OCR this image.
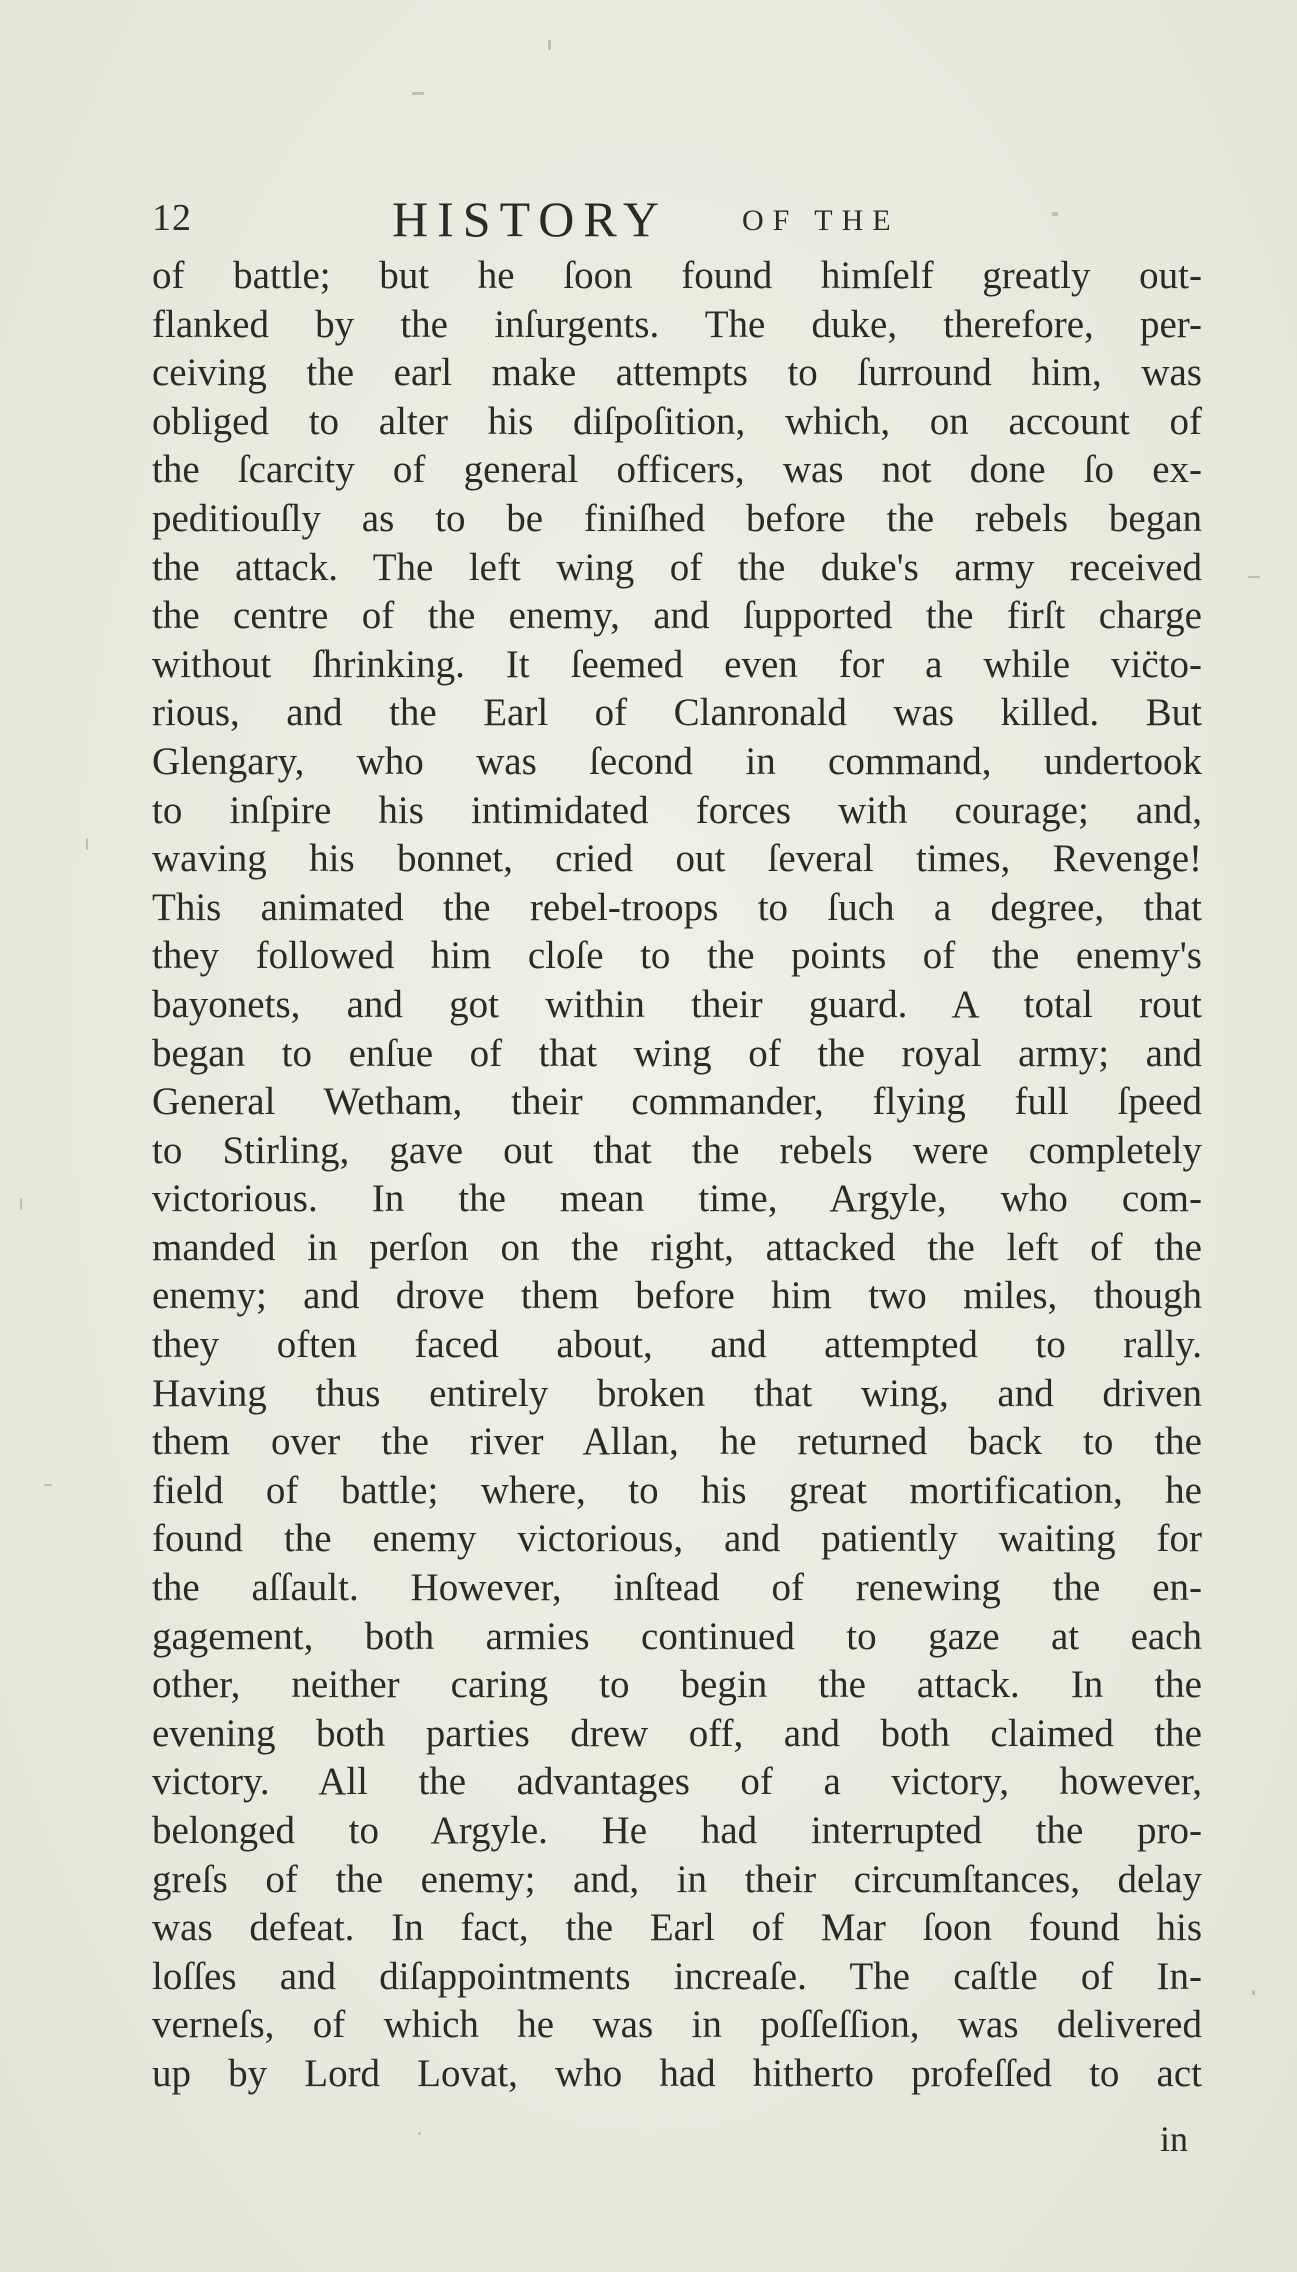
12	HISTORY OF THE
of battle; but he ſoon found himſelf greatly out-
flanked by the inſurgents. The duke, therefore, per-
ceiving the earl make attempts to ſurround him, was
obliged to alter his diſpoſition, which, on account of
the ſcarcity of general officers, was not done ſo ex-
peditiouſly as to be finiſhed before the rebels began
the attack. The left wing of the duke's army received
the centre of the enemy, and ſupported the firſt charge
without ſhrinking. It ſeemed even for a while vic̈to-
rious, and the Earl of Clanronald was killed. But
Glengary, who was ſecond in command, undertook
to inſpire his intimidated forces with courage; and,
waving his bonnet, cried out ſeveral times, Revenge!
This animated the rebel-troops to ſuch a degree, that
they followed him cloſe to the points of the enemy's
bayonets, and got within their guard. A total rout
began to enſue of that wing of the royal army; and
General Wetham, their commander, flying full ſpeed
to Stirling, gave out that the rebels were completely
victorious. In the mean time, Argyle, who com-
manded in perſon on the right, attacked the left of the
enemy; and drove them before him two miles, though
they often faced about, and attempted to rally.
Having thus entirely broken that wing, and driven
them over the river Allan, he returned back to the
field of battle; where, to his great mortification, he
found the enemy victorious, and patiently waiting for
the aſſault. However, inſtead of renewing the en-
gagement, both armies continued to gaze at each
other, neither caring to begin the attack. In the
evening both parties drew off, and both claimed the
victory. All the advantages of a victory, however,
belonged to Argyle. He had interrupted the pro-
greſs of the enemy; and, in their circumſtances, delay
was defeat. In fact, the Earl of Mar ſoon found his
loſſes and diſappointments increaſe. The caſtle of In-
verneſs, of which he was in poſſeſſion, was delivered
up by Lord Lovat, who had hitherto profeſſed to act
in
